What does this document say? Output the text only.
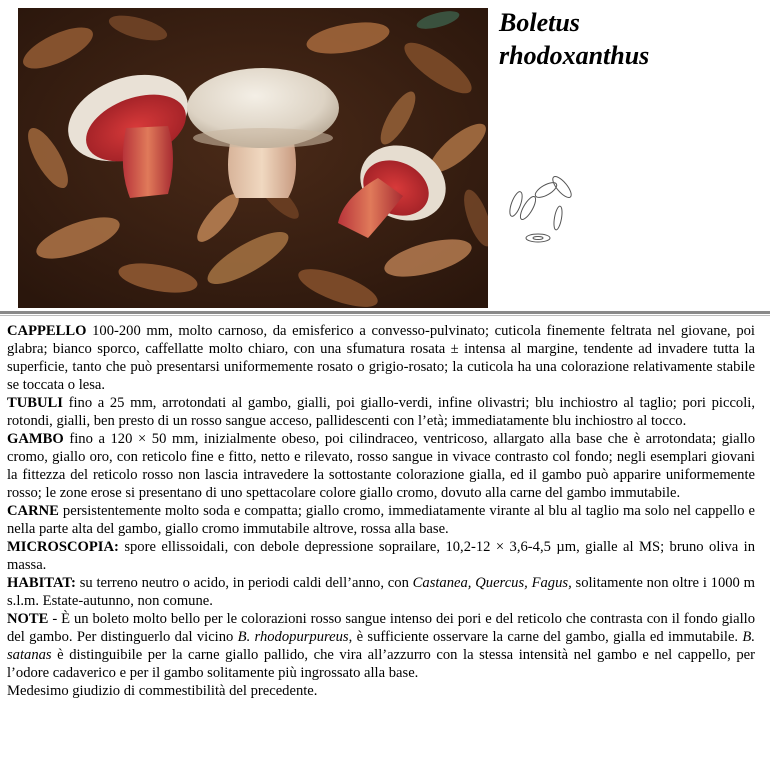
Boletus
rhodoxanthus

CAPPELLO 100-200 mm, molto carnoso, da emisferico a convesso-pulvinato; cuticola finemente feltrata nel giovane, poi glabra; bianco sporco, caffellatte molto chiaro, con una sfumatura rosata ± intensa al margine, tendente ad invadere tutta la superficie, tanto che può presentarsi uniformemente rosato o grigio-rosato; la cuticola ha una colorazione relativamente stabile se toccata o lesa.

TUBULI fino a 25 mm, arrotondati al gambo, gialli, poi giallo-verdi, infine olivastri; blu inchiostro al taglio; pori piccoli, rotondi, gialli, ben presto di un rosso sangue acceso, pallidescenti con l’età; immediatamente blu inchiostro al tocco.

GAMBO fino a 120 × 50 mm, inizialmente obeso, poi cilindraceo, ventricoso, allargato alla base che è arrotondata; giallo cromo, giallo oro, con reticolo fine e fitto, netto e rilevato, rosso sangue in vivace contrasto col fondo; negli esemplari giovani la fittezza del reticolo rosso non lascia intravedere la sottostante colorazione gialla, ed il gambo può apparire uniformemente rosso; le zone erose si presentano di uno spettacolare colore giallo cromo, dovuto alla carne del gambo immutabile.

CARNE persistentemente molto soda e compatta; giallo cromo, immediatamente virante al blu al taglio ma solo nel cappello e nella parte alta del gambo, giallo cromo immutabile altrove, rossa alla base.

MICROSCOPIA: spore ellissoidali, con debole depressione soprailare, 10,2-12 × 3,6-4,5 µm, gialle al MS; bruno oliva in massa.

HABITAT: su terreno neutro o acido, in periodi caldi dell’anno, con Castanea, Quercus, Fagus, solitamente non oltre i 1000 m s.l.m. Estate-autunno, non comune.

NOTE - È un boleto molto bello per le colorazioni rosso sangue intenso dei pori e del reticolo che contrasta con il fondo giallo del gambo. Per distinguerlo dal vicino B. rhodopurpureus, è sufficiente osservare la carne del gambo, gialla ed immutabile. B. satanas è distinguibile per la carne giallo pallido, che vira all’azzurro con la stessa intensità nel gambo e nel cappello, per l’odore cadaverico e per il gambo solitamente più ingrossato alla base.

Medesimo giudizio di commestibilità del precedente.
